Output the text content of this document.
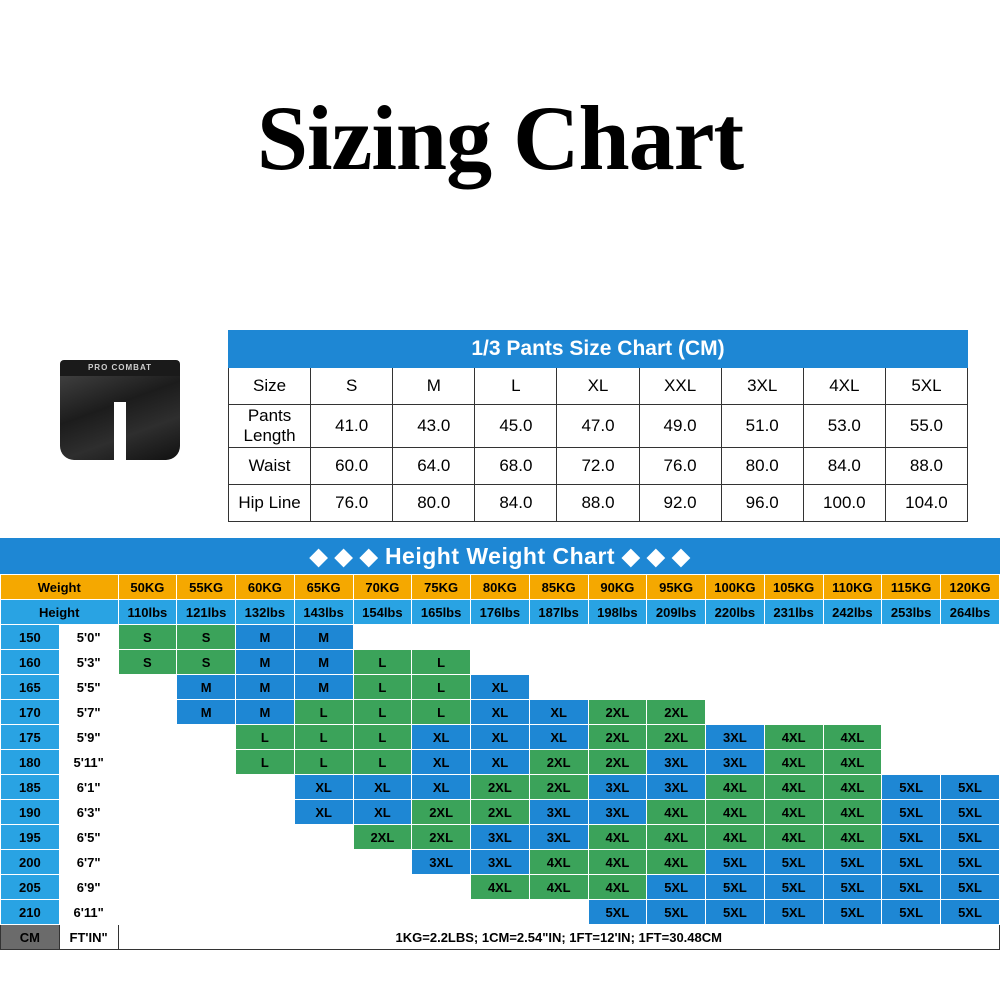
Sizing Chart
PRO COMBAT
1/3 Pants Size Chart (CM)								
Size	S	M	L	XL	XXL	3XL	4XL	5XL
Pants Length	41.0	43.0	45.0	47.0	49.0	51.0	53.0	55.0
Waist	60.0	64.0	68.0	72.0	76.0	80.0	84.0	88.0
Hip Line	76.0	80.0	84.0	88.0	92.0	96.0	100.0	104.0
◆ ◆ ◆ Height Weight Chart ◆ ◆ ◆
Weight		50KG	55KG	60KG	65KG	70KG	75KG	80KG	85KG	90KG	95KG	100KG	105KG	110KG	115KG	120KG
Height		110lbs	121lbs	132lbs	143lbs	154lbs	165lbs	176lbs	187lbs	198lbs	209lbs	220lbs	231lbs	242lbs	253lbs	264lbs
150	5'0"	S	S	M	M											
160	5'3"	S	S	M	M	L	L									
165	5'5"		M	M	M	L	L	XL								
170	5'7"		M	M	L	L	L	XL	XL	2XL	2XL					
175	5'9"			L	L	L	XL	XL	XL	2XL	2XL	3XL	4XL	4XL		
180	5'11"			L	L	L	XL	XL	2XL	2XL	3XL	3XL	4XL	4XL		
185	6'1"				XL	XL	XL	2XL	2XL	3XL	3XL	4XL	4XL	4XL	5XL	5XL
190	6'3"				XL	XL	2XL	2XL	3XL	3XL	4XL	4XL	4XL	4XL	5XL	5XL
195	6'5"					2XL	2XL	3XL	3XL	4XL	4XL	4XL	4XL	4XL	5XL	5XL
200	6'7"						3XL	3XL	4XL	4XL	4XL	5XL	5XL	5XL	5XL	5XL
205	6'9"							4XL	4XL	4XL	5XL	5XL	5XL	5XL	5XL	5XL
210	6'11"									5XL	5XL	5XL	5XL	5XL	5XL	5XL
CM	FT'IN"	1KG=2.2LBS; 1CM=2.54"IN; 1FT=12'IN; 1FT=30.48CM														
